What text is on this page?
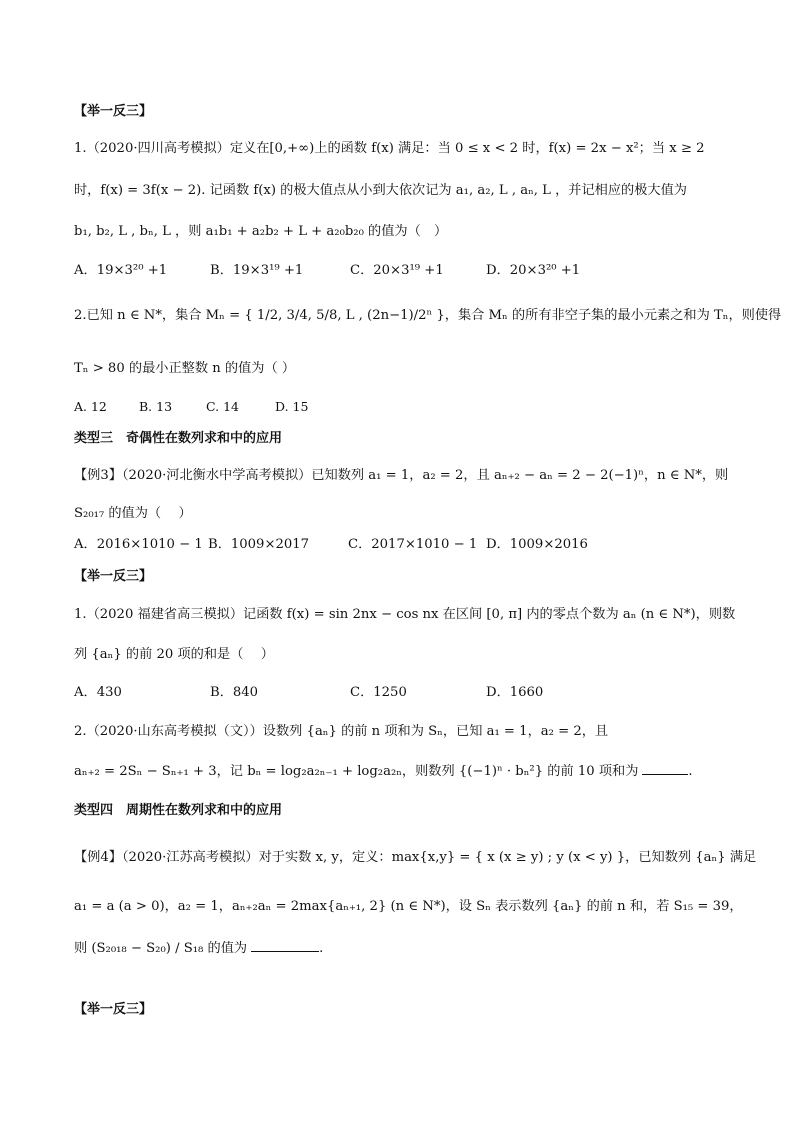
【举一反三】
1.（2020·四川高考模拟）定义在[0,+∞)上的函数 f(x) 满足：当 0 ≤ x < 2 时，f(x) = 2x − x²；当 x ≥ 2
时，f(x) = 3f(x − 2). 记函数 f(x) 的极大值点从小到大依次记为 a₁, a₂, L , aₙ, L ，并记相应的极大值为
b₁, b₂, L , bₙ, L ，则 a₁b₁ + a₂b₂ + L + a₂₀b₂₀ 的值为（　）
A．19×3²⁰ +1	B．19×3¹⁹ +1	C．20×3¹⁹ +1	D．20×3²⁰ +1
2.已知 n ∈ N*，集合 Mₙ = { 1/2, 3/4, 5/8, L , (2n−1)/2ⁿ }，集合 Mₙ 的所有非空子集的最小元素之和为 Tₙ，则使得
Tₙ > 80 的最小正整数 n 的值为（ ）
A. 12	B. 13	C. 14	D. 15
类型三　奇偶性在数列求和中的应用
【例3】（2020·河北衡水中学高考模拟）已知数列 a₁ = 1，a₂ = 2，且 aₙ₊₂ − aₙ = 2 − 2(−1)ⁿ，n ∈ N*，则
S₂₀₁₇ 的值为（　 ）
A．2016×1010 − 1 B．1009×2017	C．2017×1010 − 1 D．1009×2016
【举一反三】
1.（2020 福建省高三模拟）记函数 f(x) = sin 2nx − cos nx 在区间 [0, π] 内的零点个数为 aₙ (n ∈ N*)，则数
列 {aₙ} 的前 20 项的和是（　 ）
A．430	B．840	C．1250	D．1660
2.（2020·山东高考模拟（文））设数列 {aₙ} 的前 n 项和为 Sₙ，已知 a₁ = 1，a₂ = 2，且
aₙ₊₂ = 2Sₙ − Sₙ₊₁ + 3，记 bₙ = log₂a₂ₙ₋₁ + log₂a₂ₙ，则数列 {(−1)ⁿ · bₙ²} 的前 10 项和为	.
类型四　周期性在数列求和中的应用
【例4】（2020·江苏高考模拟）对于实数 x, y，定义：max{x,y} = { x (x ≥ y) ; y (x < y) }，已知数列 {aₙ} 满足
a₁ = a (a > 0)，a₂ = 1，aₙ₊₂aₙ = 2max{aₙ₊₁, 2} (n ∈ N*)，设 Sₙ 表示数列 {aₙ} 的前 n 和，若 S₁₅ = 39，
则 (S₂₀₁₈ − S₂₀) / S₁₈ 的值为	.
【举一反三】
